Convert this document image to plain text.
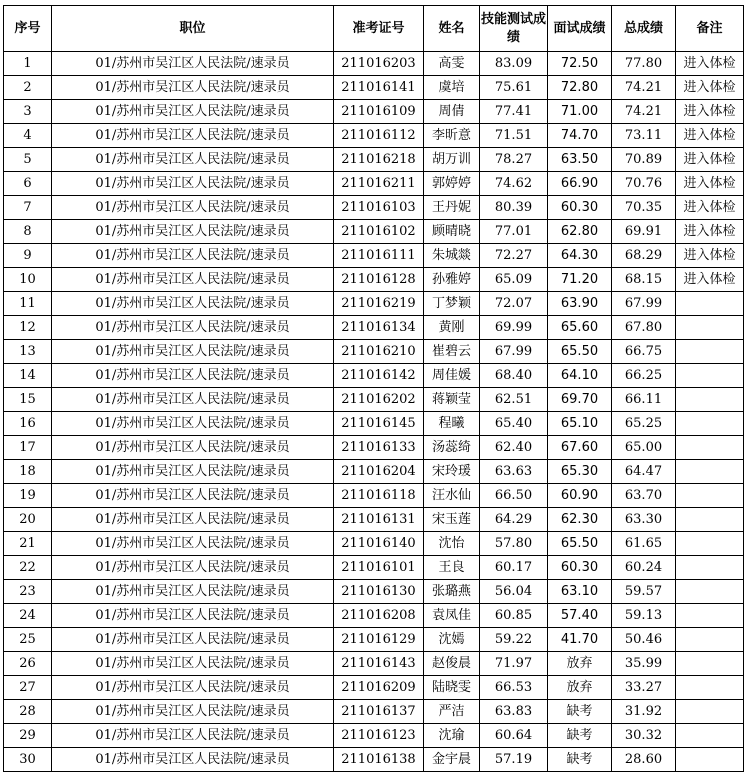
序号	职位	准考证号	姓名	技能测试成绩	面试成绩	总成绩	备注
1	01/苏州市吴江区人民法院/速录员	211016203	高雯	83.09	72.50	77.80	进入体检
2	01/苏州市吴江区人民法院/速录员	211016141	虞培	75.61	72.80	74.21	进入体检
3	01/苏州市吴江区人民法院/速录员	211016109	周倩	77.41	71.00	74.21	进入体检
4	01/苏州市吴江区人民法院/速录员	211016112	李昕意	71.51	74.70	73.11	进入体检
5	01/苏州市吴江区人民法院/速录员	211016218	胡万训	78.27	63.50	70.89	进入体检
6	01/苏州市吴江区人民法院/速录员	211016211	郭婷婷	74.62	66.90	70.76	进入体检
7	01/苏州市吴江区人民法院/速录员	211016103	王丹妮	80.39	60.30	70.35	进入体检
8	01/苏州市吴江区人民法院/速录员	211016102	顾晴晓	77.01	62.80	69.91	进入体检
9	01/苏州市吴江区人民法院/速录员	211016111	朱城燚	72.27	64.30	68.29	进入体检
10	01/苏州市吴江区人民法院/速录员	211016128	孙雅婷	65.09	71.20	68.15	进入体检
11	01/苏州市吴江区人民法院/速录员	211016219	丁梦颖	72.07	63.90	67.99	
12	01/苏州市吴江区人民法院/速录员	211016134	黄刚	69.99	65.60	67.80	
13	01/苏州市吴江区人民法院/速录员	211016210	崔碧云	67.99	65.50	66.75	
14	01/苏州市吴江区人民法院/速录员	211016142	周佳媛	68.40	64.10	66.25	
15	01/苏州市吴江区人民法院/速录员	211016202	蒋颖莹	62.51	69.70	66.11	
16	01/苏州市吴江区人民法院/速录员	211016145	程曦	65.40	65.10	65.25	
17	01/苏州市吴江区人民法院/速录员	211016133	汤蕊绮	62.40	67.60	65.00	
18	01/苏州市吴江区人民法院/速录员	211016204	宋玲瑗	63.63	65.30	64.47	
19	01/苏州市吴江区人民法院/速录员	211016118	汪水仙	66.50	60.90	63.70	
20	01/苏州市吴江区人民法院/速录员	211016131	宋玉莲	64.29	62.30	63.30	
21	01/苏州市吴江区人民法院/速录员	211016140	沈怡	57.80	65.50	61.65	
22	01/苏州市吴江区人民法院/速录员	211016101	王良	60.17	60.30	60.24	
23	01/苏州市吴江区人民法院/速录员	211016130	张璐燕	56.04	63.10	59.57	
24	01/苏州市吴江区人民法院/速录员	211016208	袁凤佳	60.85	57.40	59.13	
25	01/苏州市吴江区人民法院/速录员	211016129	沈嫣	59.22	41.70	50.46	
26	01/苏州市吴江区人民法院/速录员	211016143	赵俊晨	71.97	放弃	35.99	
27	01/苏州市吴江区人民法院/速录员	211016209	陆晓雯	66.53	放弃	33.27	
28	01/苏州市吴江区人民法院/速录员	211016137	严洁	63.83	缺考	31.92	
29	01/苏州市吴江区人民法院/速录员	211016123	沈瑜	60.64	缺考	30.32	
30	01/苏州市吴江区人民法院/速录员	211016138	金宇晨	57.19	缺考	28.60	
